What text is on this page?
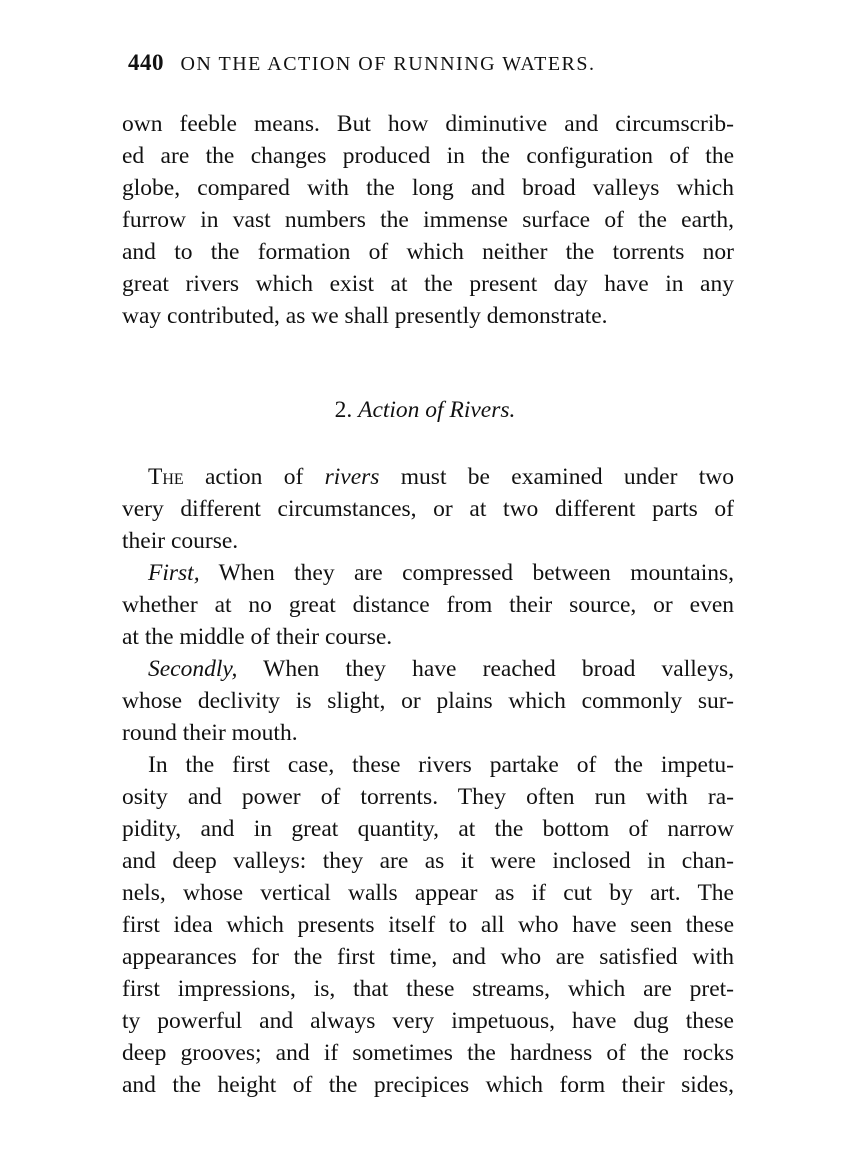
440 ON THE ACTION OF RUNNING WATERS.
own feeble means. But how diminutive and circumscrib-
ed are the changes produced in the configuration of the
globe, compared with the long and broad valleys which
furrow in vast numbers the immense surface of the earth,
and to the formation of which neither the torrents nor
great rivers which exist at the present day have in any
way contributed, as we shall presently demonstrate.
2. Action of Rivers.
The action of rivers must be examined under two
very different circumstances, or at two different parts of
their course.
First, When they are compressed between mountains,
whether at no great distance from their source, or even
at the middle of their course.
Secondly, When they have reached broad valleys,
whose declivity is slight, or plains which commonly sur-
round their mouth.
In the first case, these rivers partake of the impetu-
osity and power of torrents. They often run with ra-
pidity, and in great quantity, at the bottom of narrow
and deep valleys: they are as it were inclosed in chan-
nels, whose vertical walls appear as if cut by art. The
first idea which presents itself to all who have seen these
appearances for the first time, and who are satisfied with
first impressions, is, that these streams, which are pret-
ty powerful and always very impetuous, have dug these
deep grooves; and if sometimes the hardness of the rocks
and the height of the precipices which form their sides,
